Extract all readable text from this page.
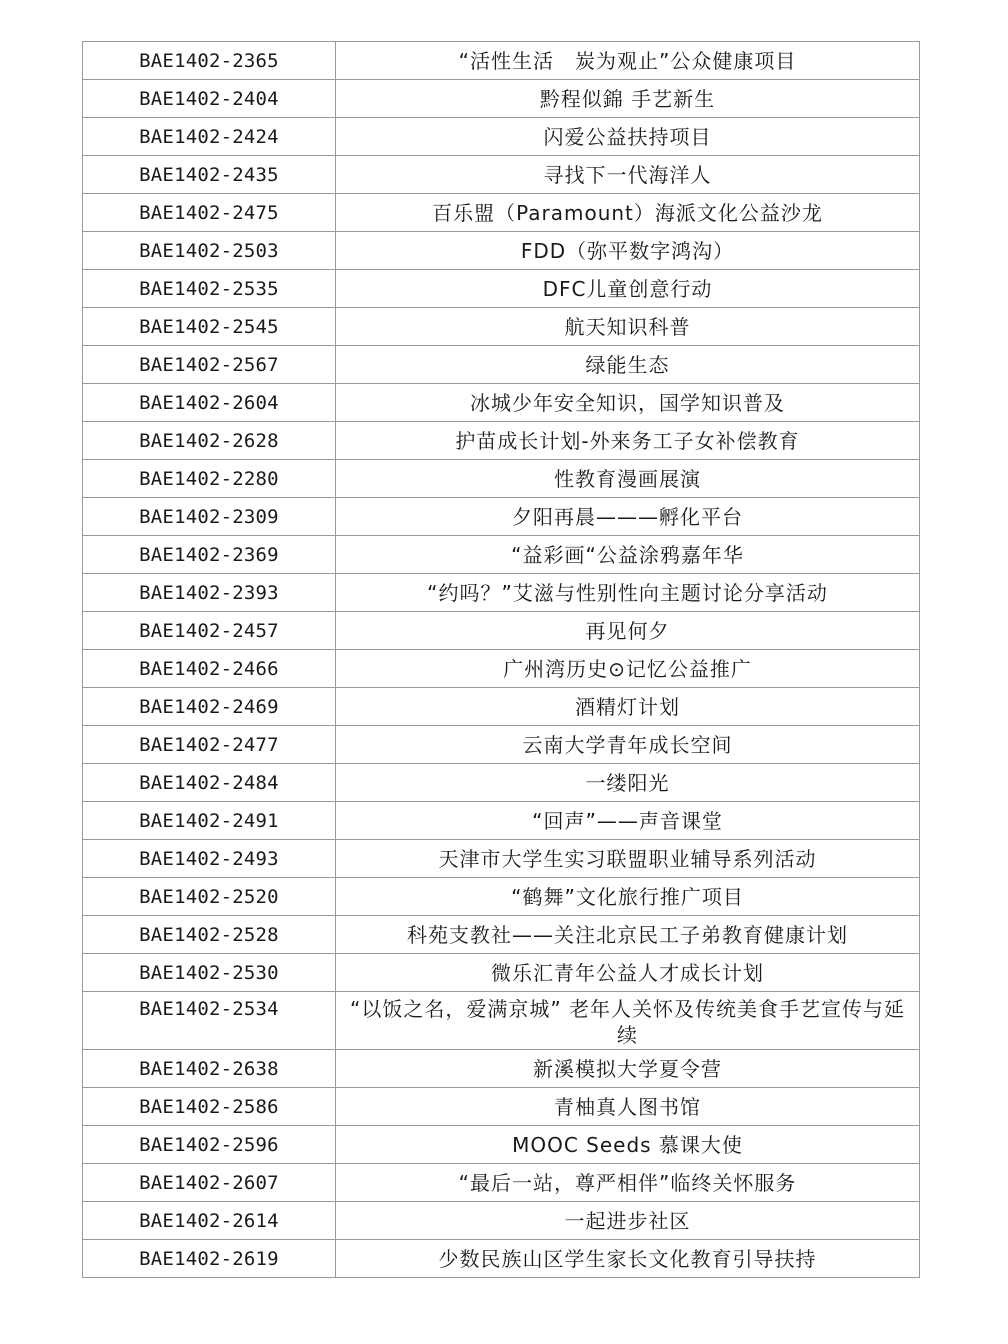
BAE1402-2365	“活性生活　炭为观止”公众健康项目
BAE1402-2404	黔程似錦 手艺新生
BAE1402-2424	闪爱公益扶持项目
BAE1402-2435	寻找下一代海洋人
BAE1402-2475	百乐盟（Paramount）海派文化公益沙龙
BAE1402-2503	FDD（弥平数字鸿沟）
BAE1402-2535	DFC儿童创意行动
BAE1402-2545	航天知识科普
BAE1402-2567	绿能生态
BAE1402-2604	冰城少年安全知识，国学知识普及
BAE1402-2628	护苗成长计划-外来务工子女补偿教育
BAE1402-2280	性教育漫画展演
BAE1402-2309	夕阳再晨———孵化平台
BAE1402-2369	“益彩画“公益涂鸦嘉年华
BAE1402-2393	“约吗？”艾滋与性别性向主题讨论分享活动
BAE1402-2457	再见何夕
BAE1402-2466	广州湾历史⊙记忆公益推广
BAE1402-2469	酒精灯计划
BAE1402-2477	云南大学青年成长空间
BAE1402-2484	一缕阳光
BAE1402-2491	“回声”——声音课堂
BAE1402-2493	天津市大学生实习联盟职业辅导系列活动
BAE1402-2520	“鹤舞”文化旅行推广项目
BAE1402-2528	科苑支教社——关注北京民工子弟教育健康计划
BAE1402-2530	微乐汇青年公益人才成长计划
BAE1402-2534	“以饭之名，爱满京城” 老年人关怀及传统美食手艺宣传与延续
BAE1402-2638	新溪模拟大学夏令营
BAE1402-2586	青柚真人图书馆
BAE1402-2596	MOOC Seeds 慕课大使
BAE1402-2607	“最后一站，尊严相伴”临终关怀服务
BAE1402-2614	一起进步社区
BAE1402-2619	少数民族山区学生家长文化教育引导扶持
